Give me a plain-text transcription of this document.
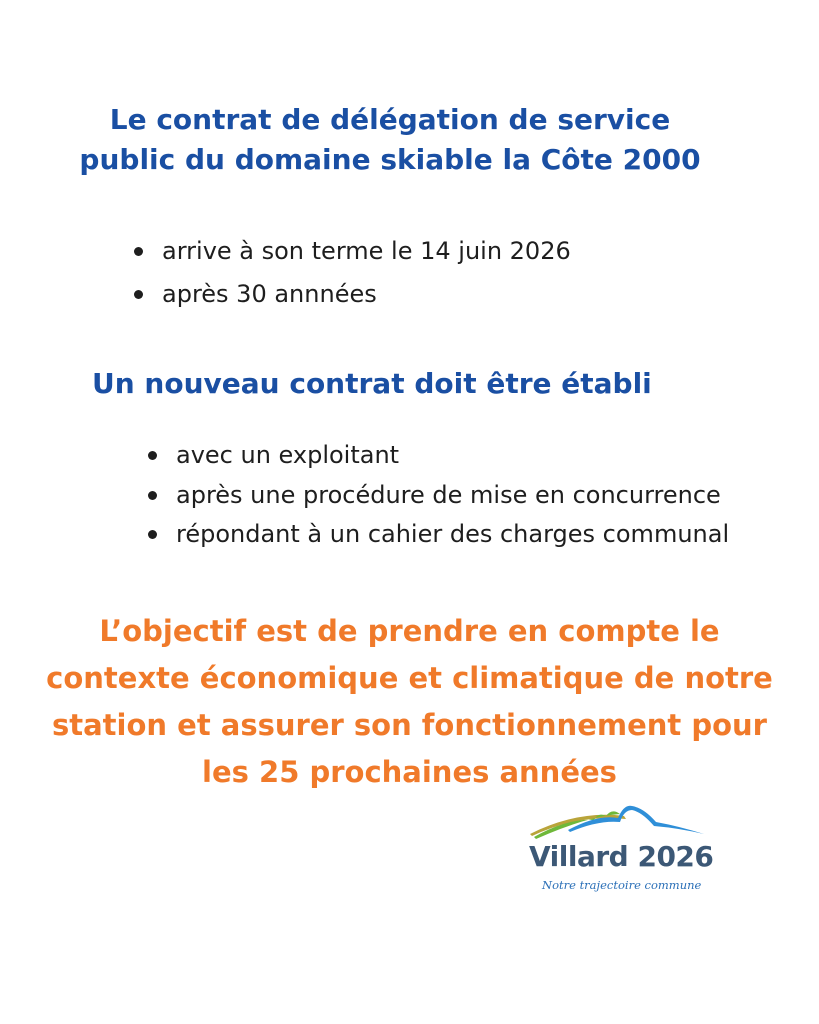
Le contrat de délégation de service
public du domaine skiable la Côte 2000
arrive à son terme le 14 juin 2026
après 30 annnées
Un nouveau contrat doit être établi
avec un exploitant
après une procédure de mise en concurrence
répondant à un cahier des charges communal

L’objectif est de prendre en compte le
contexte économique et climatique de notre
station et assurer son fonctionnement pour
les 25 prochaines années

Villard 2026
Notre trajectoire commune
